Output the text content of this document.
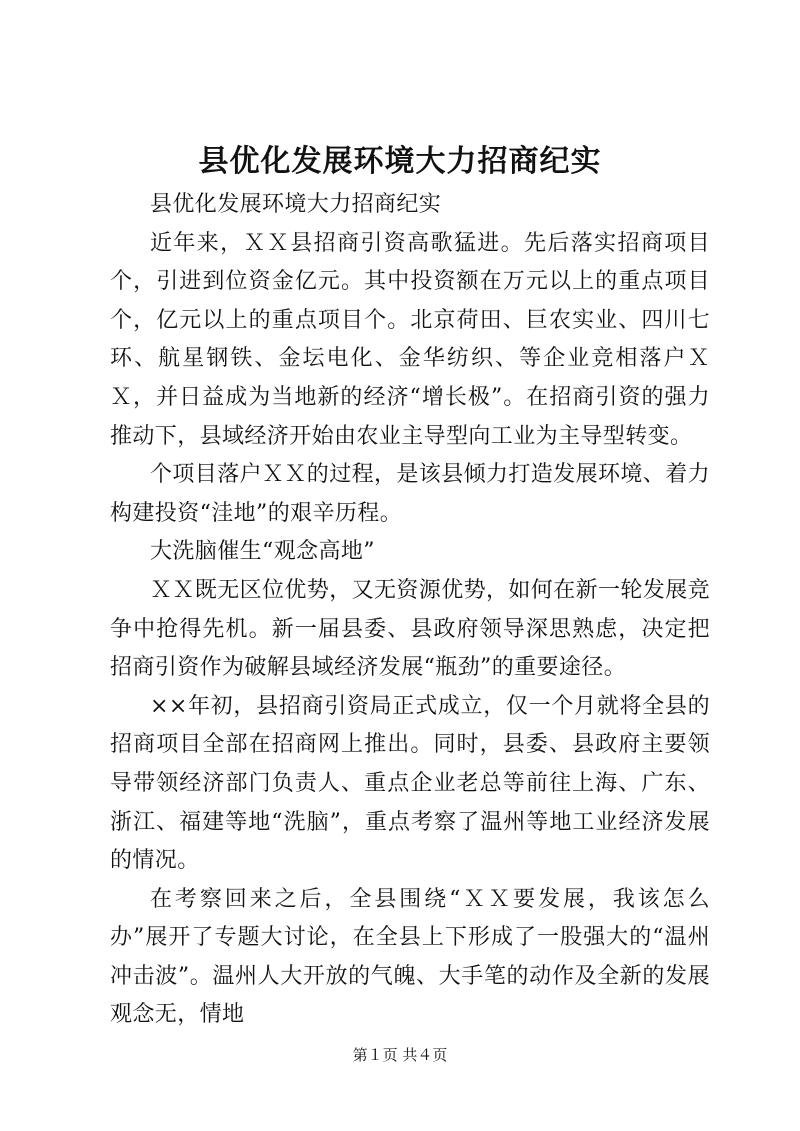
县优化发展环境大力招商纪实

县优化发展环境大力招商纪实

近年来，ＸＸ县招商引资高歌猛进。先后落实招商项目个，引进到位资金亿元。其中投资额在万元以上的重点项目个，亿元以上的重点项目个。北京荷田、巨农实业、四川七环、航星钢铁、金坛电化、金华纺织、等企业竞相落户ＸＸ，并日益成为当地新的经济“增长极”。在招商引资的强力推动下，县域经济开始由农业主导型向工业为主导型转变。

个项目落户ＸＸ的过程，是该县倾力打造发展环境、着力构建投资“洼地”的艰辛历程。

大洗脑催生“观念高地”

ＸＸ既无区位优势，又无资源优势，如何在新一轮发展竞争中抢得先机。新一届县委、县政府领导深思熟虑，决定把招商引资作为破解县域经济发展“瓶劲”的重要途径。

××年初，县招商引资局正式成立，仅一个月就将全县的招商项目全部在招商网上推出。同时，县委、县政府主要领导带领经济部门负责人、重点企业老总等前往上海、广东、浙江、福建等地“洗脑”，重点考察了温州等地工业经济发展的情况。

在考察回来之后，全县围绕“ＸＸ要发展，我该怎么办”展开了专题大讨论，在全县上下形成了一股强大的“温州冲击波”。温州人大开放的气魄、大手笔的动作及全新的发展观念无，情地

第１页 共４页
